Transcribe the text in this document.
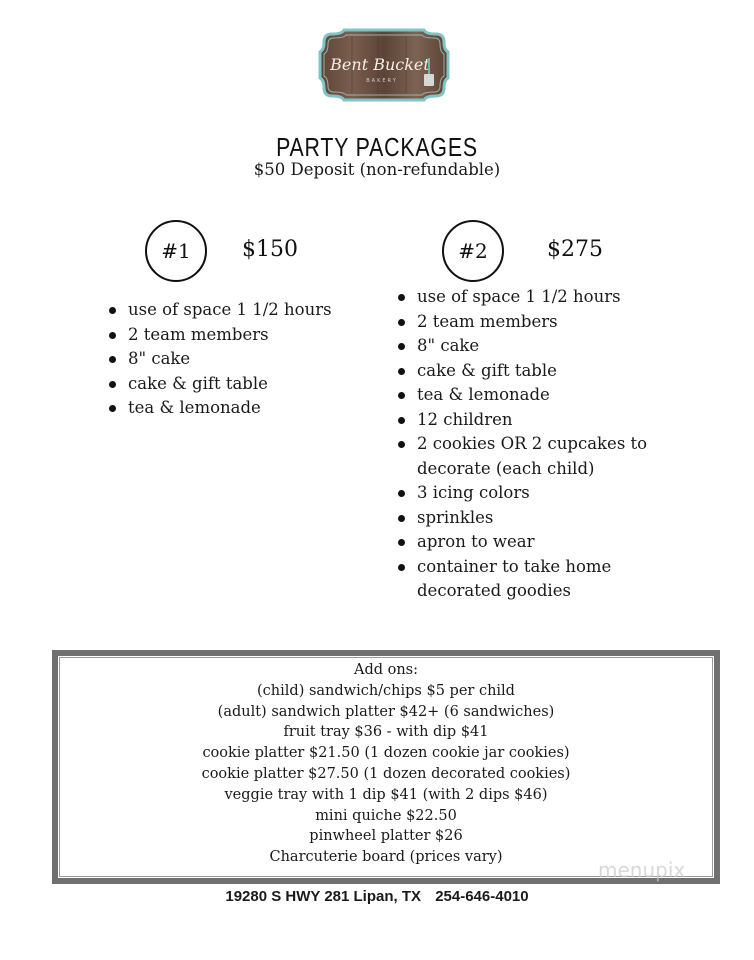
Bent Bucket
BAKERY
PARTY PACKAGES
$50 Deposit (non-refundable)
#1 $150
use of space 1 1/2 hours
2 team members
8" cake
cake & gift table
tea & lemonade
#2	$275
use of space 1 1/2 hours
2 team members
8" cake
cake & gift table
tea & lemonade
12 children
2 cookies OR 2 cupcakes to
decorate (each child)
3 icing colors
sprinkles
apron to wear
container to take home
decorated goodies
Add ons:
(child) sandwich/chips $5 per child
(adult) sandwich platter $42+ (6 sandwiches)
fruit tray $36 - with dip $41
cookie platter $21.50 (1 dozen cookie jar cookies)
cookie platter $27.50 (1 dozen decorated cookies)
veggie tray with 1 dip $41 (with 2 dips $46)
mini quiche $22.50
pinwheel platter $26
Charcuterie board (prices vary)
menupix
19280 S HWY 281 Lipan, TX 254-646-4010
